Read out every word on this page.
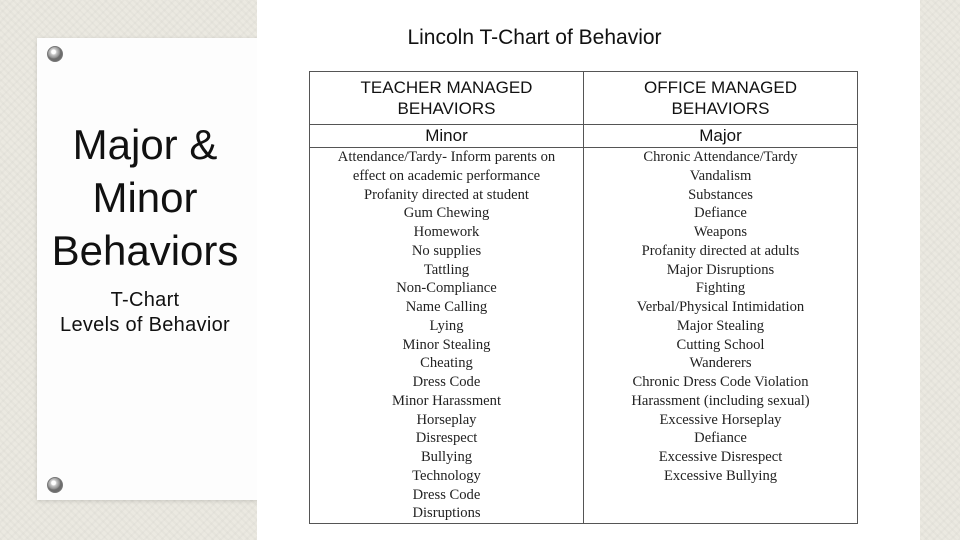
Major &
Minor
Behaviors
T-Chart
Levels of Behavior
Lincoln T-Chart of Behavior
TEACHER MANAGED
BEHAVIORS
OFFICE MANAGED
BEHAVIORS
Minor	Major
Attendance/Tardy- Inform parents on
effect on academic performance
Profanity directed at student
Gum Chewing
Homework
No supplies
Tattling
Non-Compliance
Name Calling
Lying
Minor Stealing
Cheating
Dress Code
Minor Harassment
Horseplay
Disrespect
Bullying
Technology
Dress Code
Disruptions
Chronic Attendance/Tardy
Vandalism
Substances
Defiance
Weapons
Profanity directed at adults
Major Disruptions
Fighting
Verbal/Physical Intimidation
Major Stealing
Cutting School
Wanderers
Chronic Dress Code Violation
Harassment (including sexual)
Excessive Horseplay
Defiance
Excessive Disrespect
Excessive Bullying
